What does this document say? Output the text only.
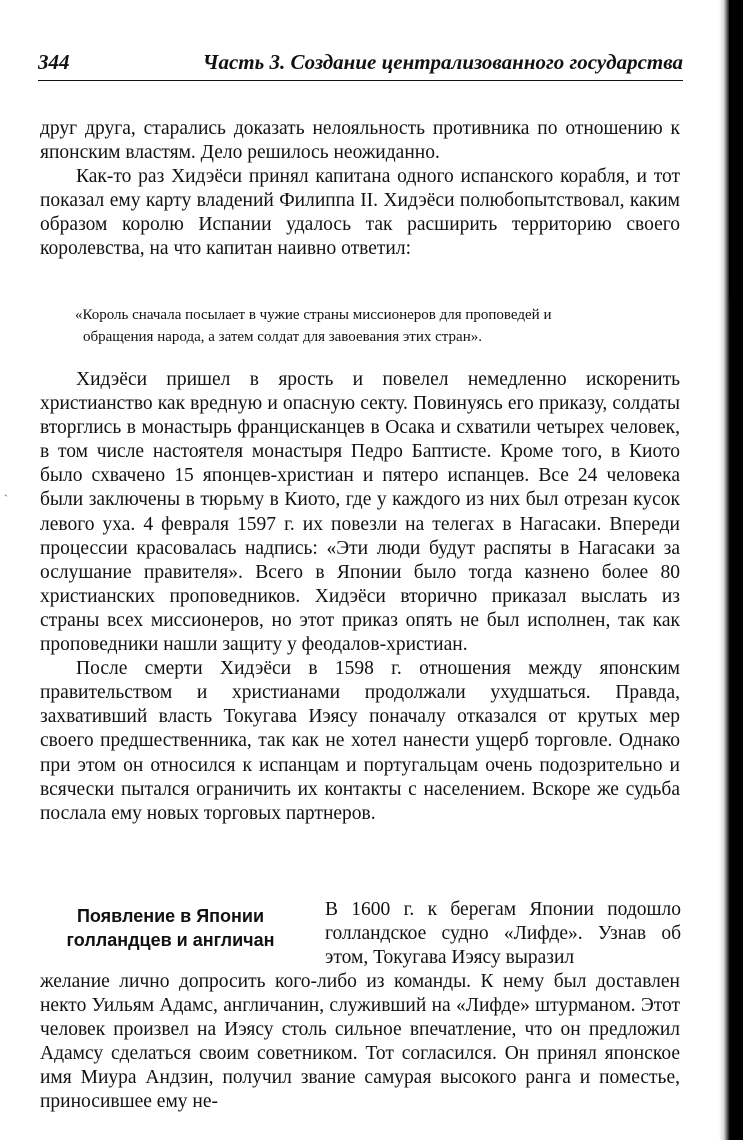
344	Часть 3. Создание централизованного государства

друг друга, старались доказать нелояльность противника по отношению к японским властям. Дело решилось неожиданно.

Как-то раз Хидэёси принял капитана одного испанского корабля, и тот показал ему карту владений Филиппа II. Хидэёси полюбопытствовал, каким образом королю Испании удалось так расширить территорию своего королевства, на что капитан наивно ответил:

«Король сначала посылает в чужие страны миссионеров для проповедей и
обращения народа, а затем солдат для завоевания этих стран».

Хидэёси пришел в ярость и повелел немедленно искоренить христианство как вредную и опасную секту. Повинуясь его приказу, солдаты вторглись в монастырь францисканцев в Осака и схватили четырех человек, в том числе настоятеля монастыря Педро Баптисте. Кроме того, в Киото было схвачено 15 японцев-христиан и пятеро испанцев. Все 24 человека были заключены в тюрьму в Киото, где у каждого из них был отрезан кусок левого уха. 4 февраля 1597 г. их повезли на телегах в Нагасаки. Впереди процессии красовалась надпись: «Эти люди будут распяты в Нагасаки за ослушание правителя». Всего в Японии было тогда казнено более 80 христианских проповедников. Хидэёси вторично приказал выслать из страны всех миссионеров, но этот приказ опять не был исполнен, так как проповедники нашли защиту у феодалов-христиан.

После смерти Хидэёси в 1598 г. отношения между японским правительством и христианами продолжали ухудшаться. Правда, захвативший власть Токугава Иэясу поначалу отказался от крутых мер своего предшественника, так как не хотел нанести ущерб торговле. Однако при этом он относился к испанцам и португальцам очень подозрительно и всячески пытался ограничить их контакты с населением. Вскоре же судьба послала ему новых торговых партнеров.

Появление в Японии
голландцев и англичан
В 1600 г. к берегам Японии подошло голландское судно «Лифде». Узнав об этом, Токугава Иэясу выразил

желание лично допросить кого-либо из команды. К нему был доставлен некто Уильям Адамс, англичанин, служивший на «Лифде» штурманом. Этот человек произвел на Иэясу столь сильное впечатление, что он предложил Адамсу сделаться своим советником. Тот согласился. Он принял японское имя Миура Андзин, получил звание самурая высокого ранга и поместье, приносившее ему не-

`
